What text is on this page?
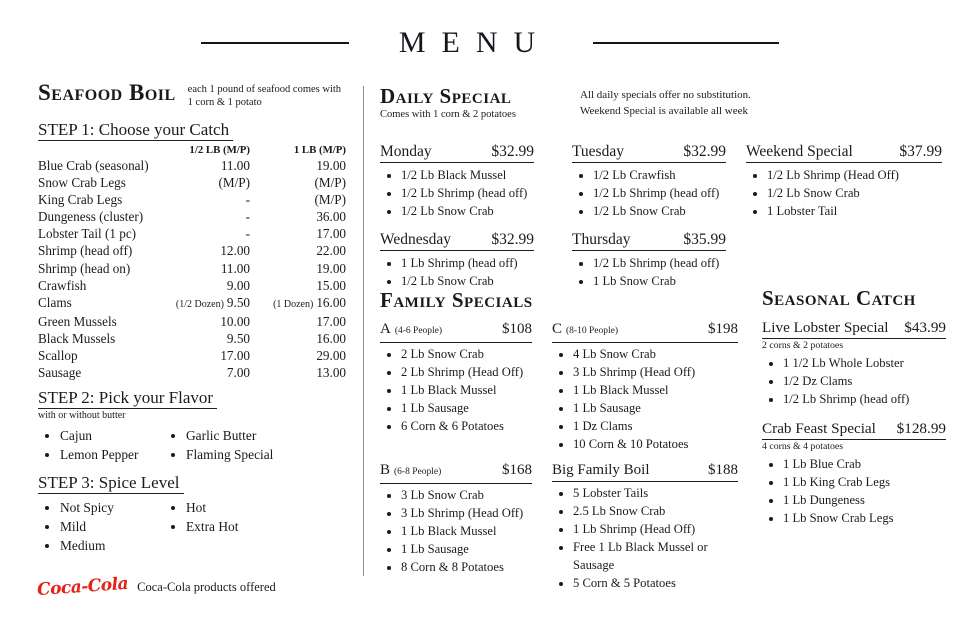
MENU
Seafood Boil each 1 pound of seafood comes with
1 corn & 1 potato
STEP 1: Choose your Catch
1/2 LB (M/P)	1 LB (M/P)
Blue Crab (seasonal)	11.00	19.00
Snow Crab Legs	(M/P)	(M/P)
King Crab Legs	-	(M/P)
Dungeness (cluster)	-	36.00
Lobster Tail (1 pc)	-	17.00
Shrimp (head off)	12.00	22.00
Shrimp (head on)	11.00	19.00
Crawfish	9.00	15.00
Clams	(1/2 Dozen) 9.50 (1 Dozen) 16.00
Green Mussels	10.00	17.00
Black Mussels	9.50	16.00
Scallop	17.00	29.00
Sausage	7.00	13.00
STEP 2: Pick your Flavor
with or without butter
• Cajun
• Lemon Pepper
• Garlic Butter
• Flaming Special
STEP 3: Spice Level
• Not Spicy
• Mild
• Medium
• Hot
• Extra Hot
Daily Special
Comes with 1 corn & 2 potatoes
All daily specials offer no substitution.
Weekend Special is available all week
Monday	$32.99
• 1/2 Lb Black Mussel
• 1/2 Lb Shrimp (head off)
• 1/2 Lb Snow Crab
Tuesday	$32.99
• 1/2 Lb Crawfish
• 1/2 Lb Shrimp (head off)
• 1/2 Lb Snow Crab
Wednesday	$32.99
• 1 Lb Shrimp (head off)
• 1/2 Lb Snow Crab
Thursday	$35.99
• 1/2 Lb Shrimp (head off)
• 1 Lb Snow Crab
Weekend Special	$37.99
• 1/2 Lb Shrimp (Head Off)
• 1/2 Lb Snow Crab
• 1 Lobster Tail
Family Specials
A (4-6 People)	$108
• 2 Lb Snow Crab
• 2 Lb Shrimp (Head Off)
• 1 Lb Black Mussel
• 1 Lb Sausage
• 6 Corn & 6 Potatoes
C (8-10 People)	$198
• 4 Lb Snow Crab
• 3 Lb Shrimp (Head Off)
• 1 Lb Black Mussel
• 1 Lb Sausage
• 1 Dz Clams
• 10 Corn & 10 Potatoes
B (6-8 People)	$168
• 3 Lb Snow Crab
• 3 Lb Shrimp (Head Off)
• 1 Lb Black Mussel
• 1 Lb Sausage
• 8 Corn & 8 Potatoes
Big Family Boil	$188
• 5 Lobster Tails
• 2.5 Lb Snow Crab
• 1 Lb Shrimp (Head Off)
• Free 1 Lb Black Mussel or Sausage
• 5 Corn & 5 Potatoes
Seasonal Catch
Live Lobster Special $43.99
2 corns & 2 potatoes
• 1 1/2 Lb Whole Lobster
• 1/2 Dz Clams
• 1/2 Lb Shrimp (head off)
Crab Feast Special $128.99
4 corns & 4 potatoes
• 1 Lb Blue Crab
• 1 Lb King Crab Legs
• 1 Lb Dungeness
• 1 Lb Snow Crab Legs
Coca-Cola Coca-Cola products offered
